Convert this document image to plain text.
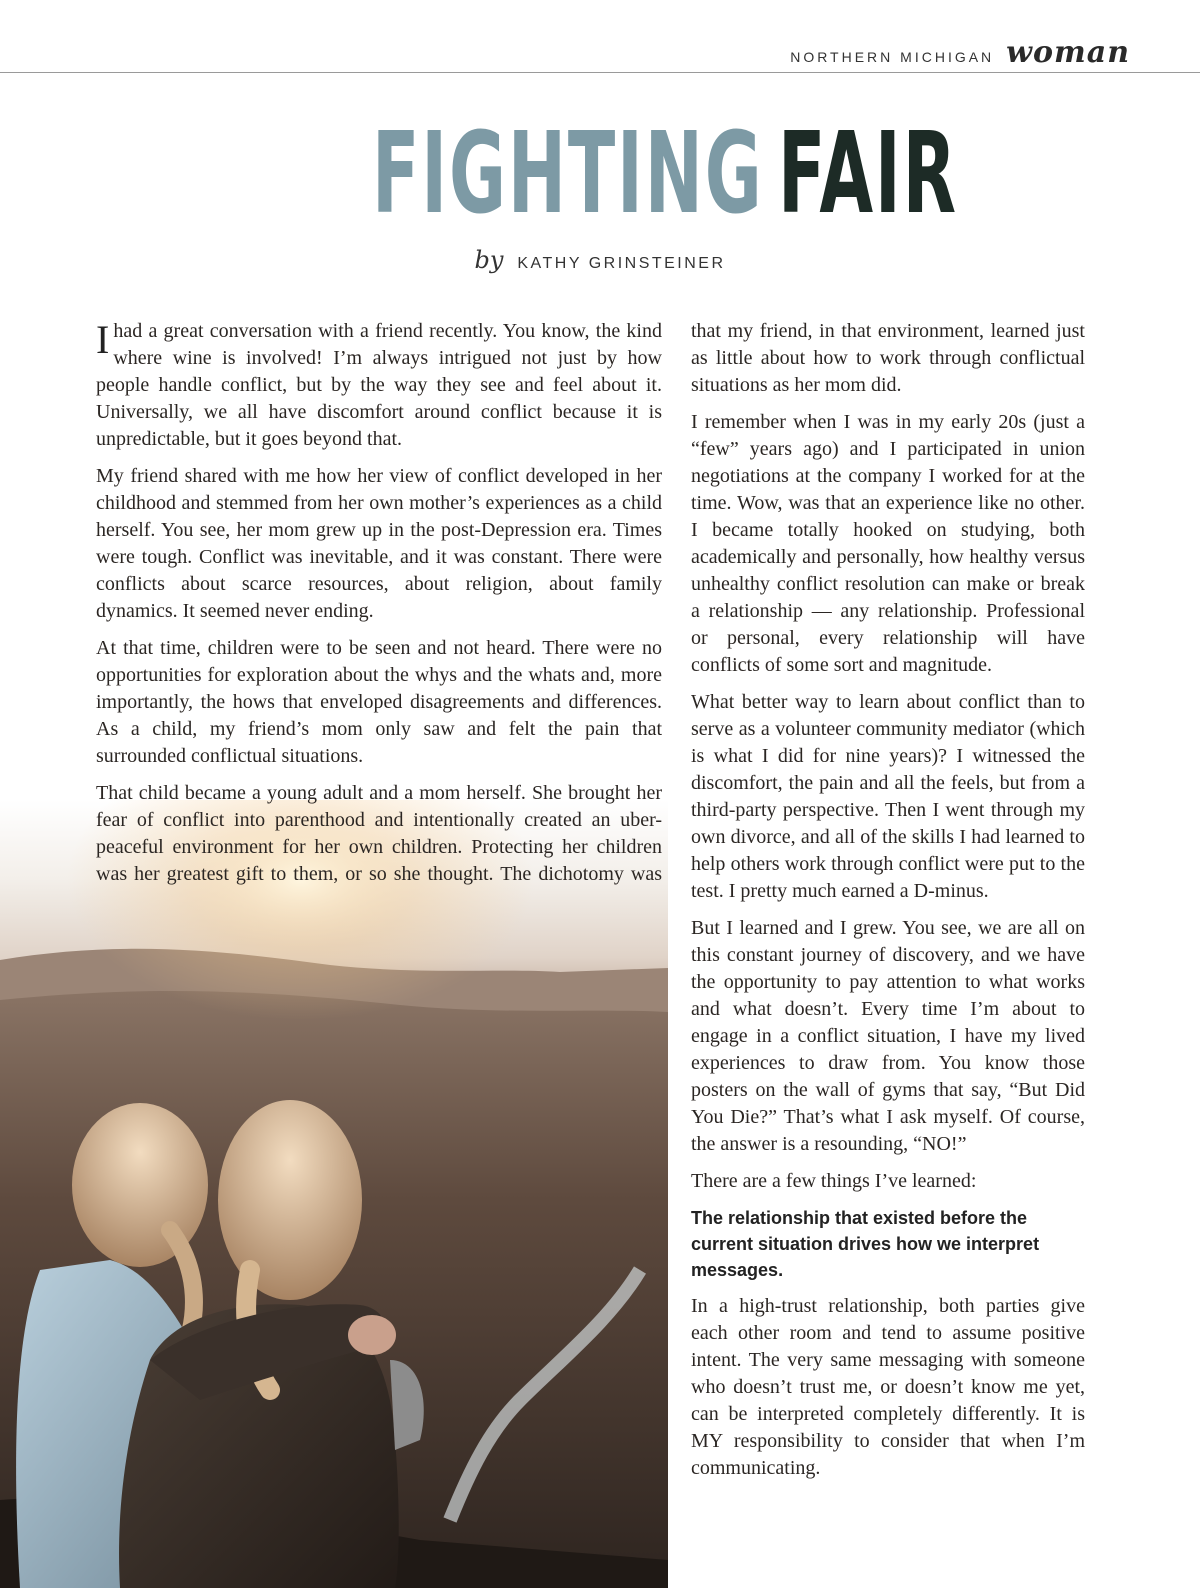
NORTHERN MICHIGAN woman
FIGHTING FAIR
by KATHY GRINSTEINER

I had a great conversation with a friend recently. You know, the kind where wine is involved! I’m always intrigued not just by how people handle conflict, but by the way they see and feel about it. Universally, we all have discomfort around conflict because it is unpredictable, but it goes beyond that.

My friend shared with me how her view of conflict developed in her childhood and stemmed from her own mother’s experiences as a child herself. You see, her mom grew up in the post-Depression era. Times were tough. Conflict was inevitable, and it was constant. There were conflicts about scarce resources, about religion, about family dynamics. It seemed never ending.

At that time, children were to be seen and not heard. There were no opportunities for exploration about the whys and the whats and, more importantly, the hows that enveloped disagreements and differences. As a child, my friend’s mom only saw and felt the pain that surrounded conflictual situations.

That child became a young adult and a mom herself. She brought her fear of conflict into parenthood and intentionally created an uber-peaceful environment for her own children. Protecting her children was her greatest gift to them, or so she thought. The dichotomy was

that my friend, in that environment, learned just as little about how to work through conflictual situations as her mom did.

I remember when I was in my early 20s (just a “few” years ago) and I participated in union negotiations at the company I worked for at the time. Wow, was that an experience like no other. I became totally hooked on studying, both academically and personally, how healthy versus unhealthy conflict resolution can make or break a relationship — any relationship. Professional or personal, every relationship will have conflicts of some sort and magnitude.

What better way to learn about conflict than to serve as a volunteer community mediator (which is what I did for nine years)? I witnessed the discomfort, the pain and all the feels, but from a third-party perspective. Then I went through my own divorce, and all of the skills I had learned to help others work through conflict were put to the test. I pretty much earned a D-minus.

But I learned and I grew. You see, we are all on this constant journey of discovery, and we have the opportunity to pay attention to what works and what doesn’t. Every time I’m about to engage in a conflict situation, I have my lived experiences to draw from. You know those posters on the wall of gyms that say, “But Did You Die?” That’s what I ask myself. Of course, the answer is a resounding, “NO!”

There are a few things I’ve learned:

The relationship that existed before the current situation drives how we interpret messages.

In a high-trust relationship, both parties give each other room and tend to assume positive intent. The very same messaging with someone who doesn’t trust me, or doesn’t know me yet, can be interpreted completely differently. It is MY responsibility to consider that when I’m communicating.
